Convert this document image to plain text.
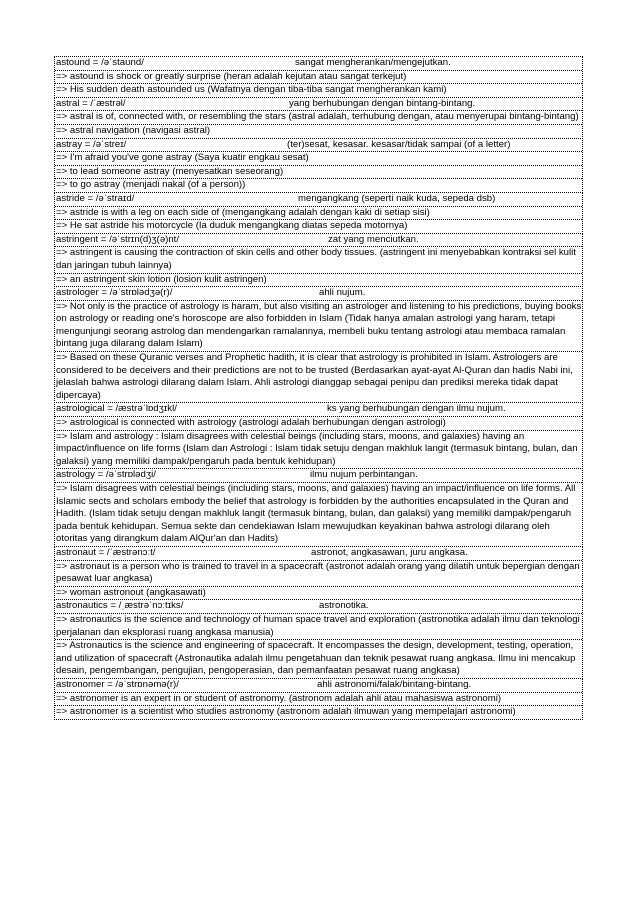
astound = /əˈstaʊnd/	sangat mengherankan/mengejutkan.
=> astound is shock or greatly surprise (heran adalah kejutan atau sangat terkejut)
=> His sudden death astounded us (Wafatnya dengan tiba-tiba sangat mengherankan kami)
astral = /ˈæstrəl/	yang berhubungan dengan bintang-bintang.
=> astral is of, connected with, or resembling the stars (astral adalah, terhubung dengan, atau menyerupai bintang-bintang)
=> astral navigation (navigasi astral)
astray = /əˈstreɪ/	(ter)sesat, kesasar. kesasar/tidak sampai (of a letter)
=> I'm afraid you've gone astray (Saya kuatir engkau sesat)
=> to lead someone astray (menyesatkan seseorang)
=> to go astray (menjadi nakal (of a person))
astride = /əˈstraɪd/	mengangkang (seperti naik kuda, sepeda dsb)
=> astride is with a leg on each side of (mengangkang adalah dengan kaki di setiap sisi)
=> He sat astride his motorcycle (Ia duduk mengangkang diatas sepeda motornya)
astringent = /əˈstrɪn(d)ʒ(ə)nt/	zat yang menciutkan.
=> astringent is causing the contraction of skin cells and other body tissues. (astringent ini menyebabkan kontraksi sel kulit dan jaringan tubuh lainnya)
=> an astringent skin lotion (losion kulit astringen)
astrologer = /əˈstrɒlədʒə(r)/	ahli nujum.
=> Not only is the practice of astrology is haram, but also visiting an astrologer and listening to his predictions, buying books on astrology or reading one's horoscope are also forbidden in Islam (Tidak hanya amalan astrologi yang haram, tetapi mengunjungi seorang astrolog dan mendengarkan ramalannya, membeli buku tentang astrologi atau membaca ramalan bintang juga dilarang dalam Islam)
=> Based on these Quranic verses and Prophetic hadith, it is clear that astrology is prohibited in Islam. Astrologers are considered to be deceivers and their predictions are not to be trusted (Berdasarkan ayat-ayat Al-Quran dan hadis Nabi ini, jelaslah bahwa astrologi dilarang dalam Islam. Ahli astrologi dianggap sebagai penipu dan prediksi mereka tidak dapat dipercaya)
astrological = /æstrəˈlɒdʒɪkl/	ks yang berhubungan dengan ilmu nujum.
=> astrological is connected with astrology (astrologi adalah berhubungan dengan astrologi)
=> Islam and astrology : Islam disagrees with celestial beings (including stars, moons, and galaxies) having an impact/influence on life forms (Islam dan Astrologi : Islam tidak setuju dengan makhluk langit (termasuk bintang, bulan, dan galaksi) yang memiliki dampak/pengaruh pada bentuk kehidupan)
astrology = /əˈstrɒlədʒi/	ilmu nujum perbintangan.
=> Islam disagrees with celestial beings (including stars, moons, and galaxies) having an impact/influence on life forms. All Islamic sects and scholars embody the belief that astrology is forbidden by the authorities encapsulated in the Quran and Hadith. (Islam tidak setuju dengan makhluk langit (termasuk bintang, bulan, dan galaksi) yang memiliki dampak/pengaruh pada bentuk kehidupan. Semua sekte dan cendekiawan Islam mewujudkan keyakinan bahwa astrologi dilarang oleh otoritas yang dirangkum dalam AlQur'an dan Hadits)
astronaut = /ˈæstrənɔːt/	astronot, angkasawan, juru angkasa.
=> astronaut is a person who is trained to travel in a spacecraft (astronot adalah orang yang dilatih untuk bepergian dengan pesawat luar angkasa)
=> woman astronout (angkasawati)
astronautics = /ˌæstrəˈnɔːtɪks/	astronotika.
=> astronautics is the science and technology of human space travel and exploration (astronotika adalah ilmu dan teknologi perjalanan dan eksplorasi ruang angkasa manusia)
=> Astronautics is the science and engineering of spacecraft. It encompasses the design, development, testing, operation, and utilization of spacecraft (Astronautika adalah ilmu pengetahuan dan teknik pesawat ruang angkasa. Ilmu ini mencakup desain, pengembangan, pengujian, pengoperasian, dan pemanfaatan pesawat ruang angkasa)
astronomer = /əˈstrɒnəmə(r)/	ahli astronomi/falak/bintang-bintang.
=> astronomer is an expert in or student of astronomy. (astronom adalah ahli atau mahasiswa astronomi)
=> astronomer is a scientist who studies astronomy (astronom adalah ilmuwan yang mempelajari astronomi)
